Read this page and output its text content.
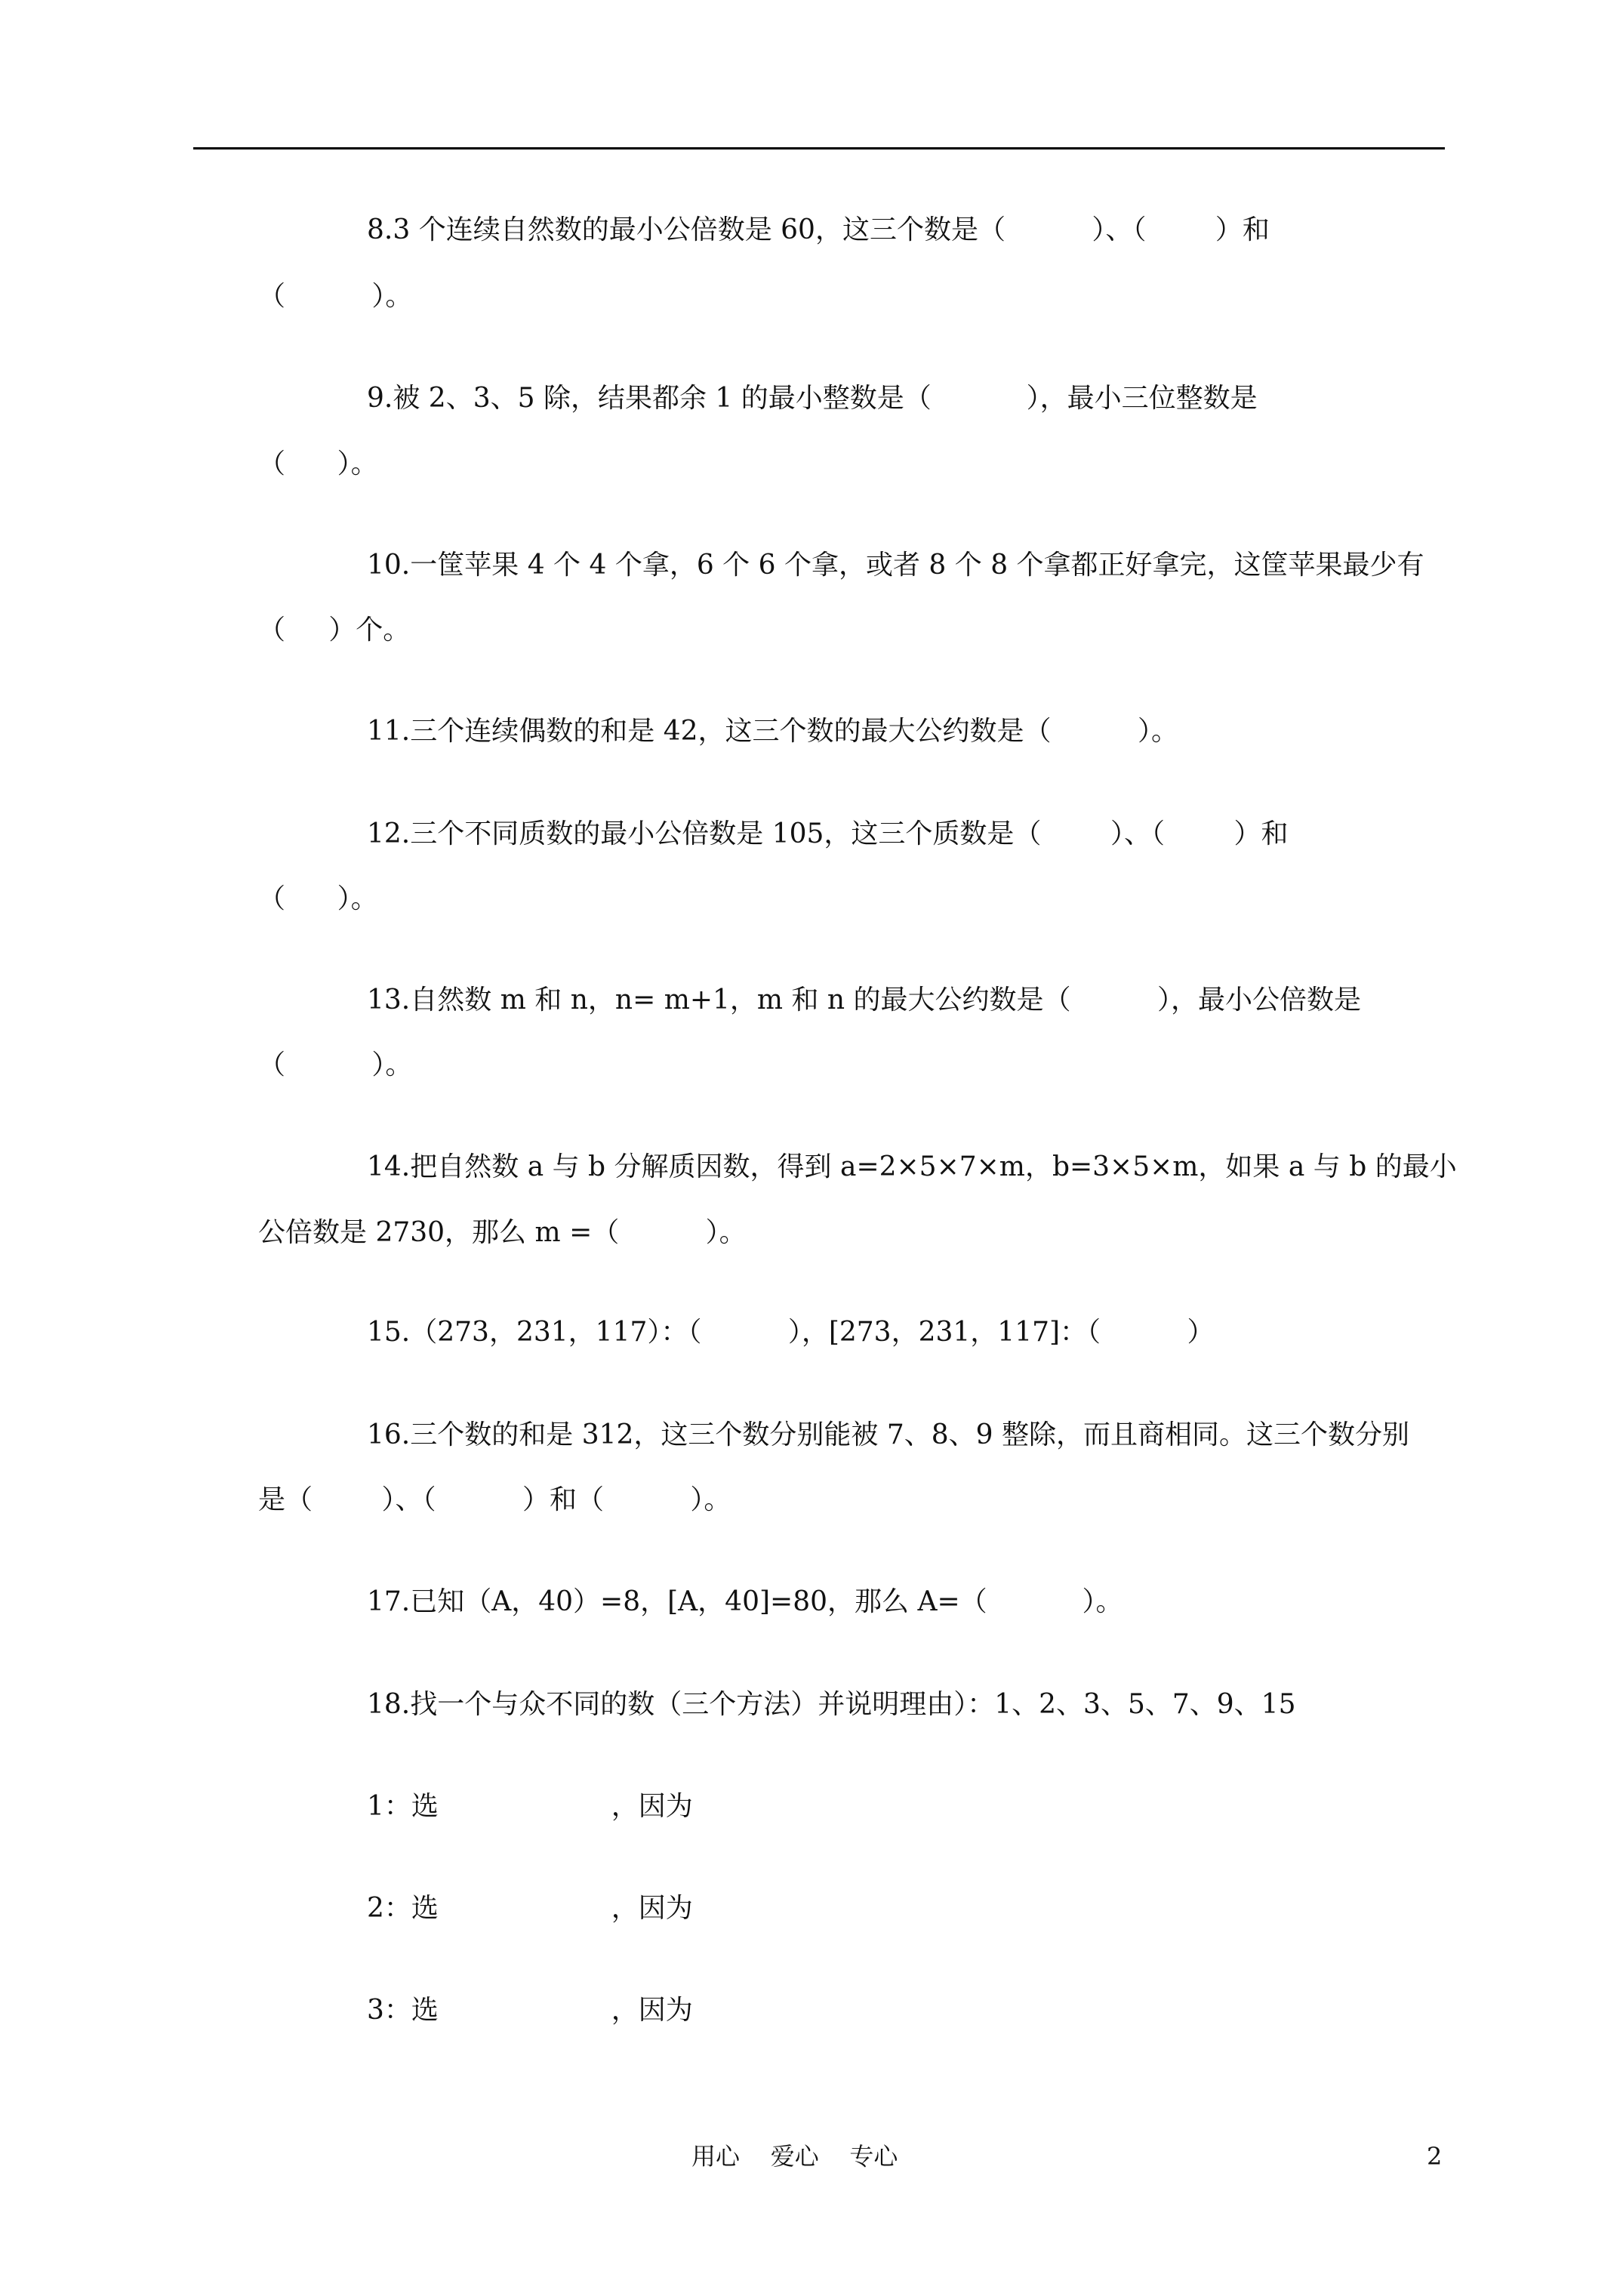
8.3 个连续自然数的最小公倍数是 60，这三个数是（          ）、（        ）和
（          ）。
9.被 2、3、5 除，结果都余 1 的最小整数是（           ），最小三位整数是
（      ）。
10.一筐苹果 4 个 4 个拿，6 个 6 个拿，或者 8 个 8 个拿都正好拿完，这筐苹果最少有
（     ）个。
11.三个连续偶数的和是 42，这三个数的最大公约数是（          ）。
12.三个不同质数的最小公倍数是 105，这三个质数是（        ）、（        ）和
（      ）。
13.自然数 m 和 n，n= m+1，m 和 n 的最大公约数是（          ），最小公倍数是
（          ）。
14.把自然数 a 与 b 分解质因数，得到 a=2×5×7×m，b=3×5×m，如果 a 与 b 的最小
公倍数是 2730，那么 m =（          ）。
15.（273，231，117）：（          ），[273，231，117]：（          ）
16.三个数的和是 312，这三个数分别能被 7、8、9 整除，而且商相同。这三个数分别
是（        ）、（          ）和（          ）。
17.已知（A，40）=8，[A，40]=80，那么 A=（           ）。
18.找一个与众不同的数（三个方法）并说明理由）：1、2、3、5、7、9、15
1：选                    ，因为
2：选                    ，因为
3：选                    ，因为
用心    爱心    专心	2
